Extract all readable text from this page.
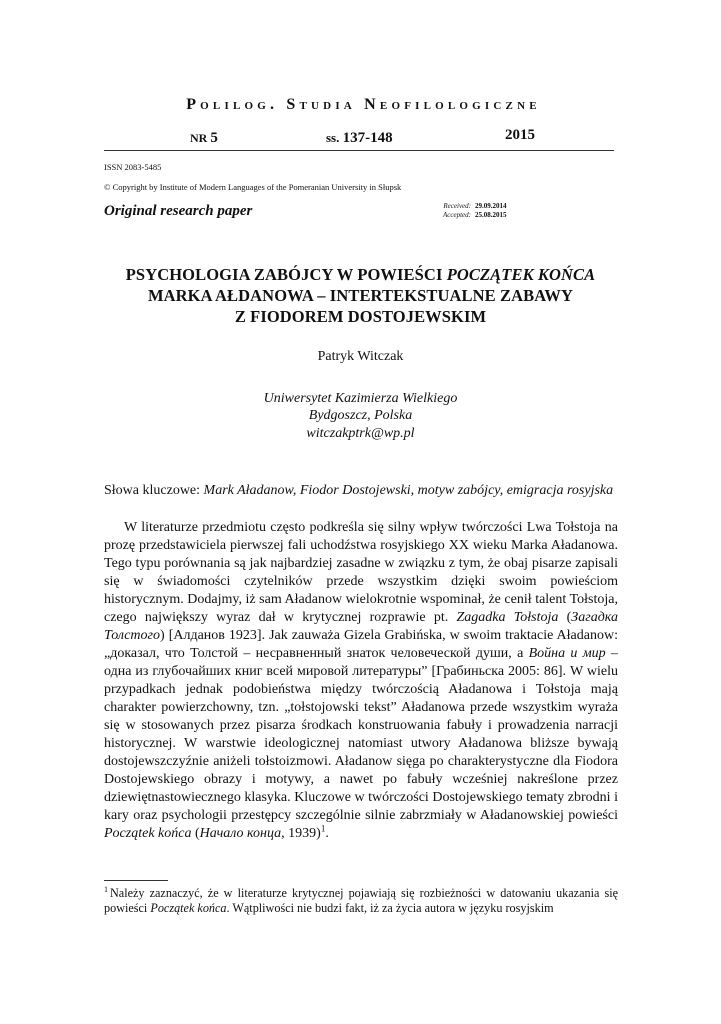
Polilog. Studia Neofilologiczne
NR 5	ss. 137-148	2015
ISSN 2083-5485
© Copyright by Institute of Modern Languages of the Pomeranian University in Słupsk
Original research paper	Received: 29.09.2014
Accepted: 25.08.2015
PSYCHOLOGIA ZABÓJCY W POWIEŚCI POCZĄTEK KOŃCA
MARKA AŁDANOWA – INTERTEKSTUALNE ZABAWY
Z FIODOREM DOSTOJEWSKIM
Patryk Witczak
Uniwersytet Kazimierza Wielkiego
Bydgoszcz, Polska
witczakptrk@wp.pl
Słowa kluczowe: Mark Aładanow, Fiodor Dostojewski, motyw zabójcy, emigracja rosyjska

W literaturze przedmiotu często podkreśla się silny wpływ twórczości Lwa Tołstoja na prozę przedstawiciela pierwszej fali uchodźstwa rosyjskiego XX wieku Marka Aładanowa. Tego typu porównania są jak najbardziej zasadne w związku z tym, że obaj pisarze zapisali się w świadomości czytelników przede wszystkim dzięki swoim powieściom historycznym. Dodajmy, iż sam Aładanow wielokrotnie wspominał, że cenił talent Tołstoja, czego największy wyraz dał w krytycznej rozprawie pt. Zagadka Tołstoja (Загадка Толстого) [Алданов 1923]. Jak zauważa Gizela Grabińska, w swoim traktacie Aładanow: „доказал, что Толстой – несравненный знаток человеческой души, а Война и мир – одна из глубочайших книг всей мировой литературы” [Грабиньска 2005: 86]. W wielu przypadkach jednak podobieństwa między twórczością Aładanowa i Tołstoja mają charakter powierzchowny, tzn. „tołstojowski tekst” Aładanowa przede wszystkim wyraża się w stosowanych przez pisarza środkach konstruowania fabuły i prowadzenia narracji historycznej. W warstwie ideologicznej natomiast utwory Aładanowa bliższe bywają dostojewszczyźnie aniżeli tołstoizmowi. Aładanow sięga po charakterystyczne dla Fiodora Dostojewskiego obrazy i motywy, a nawet po fabuły wcześniej nakreślone przez dziewiętnastowiecznego klasyka. Kluczowe w twórczości Dostojewskiego tematy zbrodni i kary oraz psychologii przestępcy szczególnie silnie zabrzmiały w Aładanowskiej powieści Początek końca (Начало конца, 1939)$^1$.

$^1$ Należy zaznaczyć, że w literaturze krytycznej pojawiają się rozbieżności w datowaniu ukazania się powieści Początek końca. Wątpliwości nie budzi fakt, iż za życia autora w języku rosyjskim
